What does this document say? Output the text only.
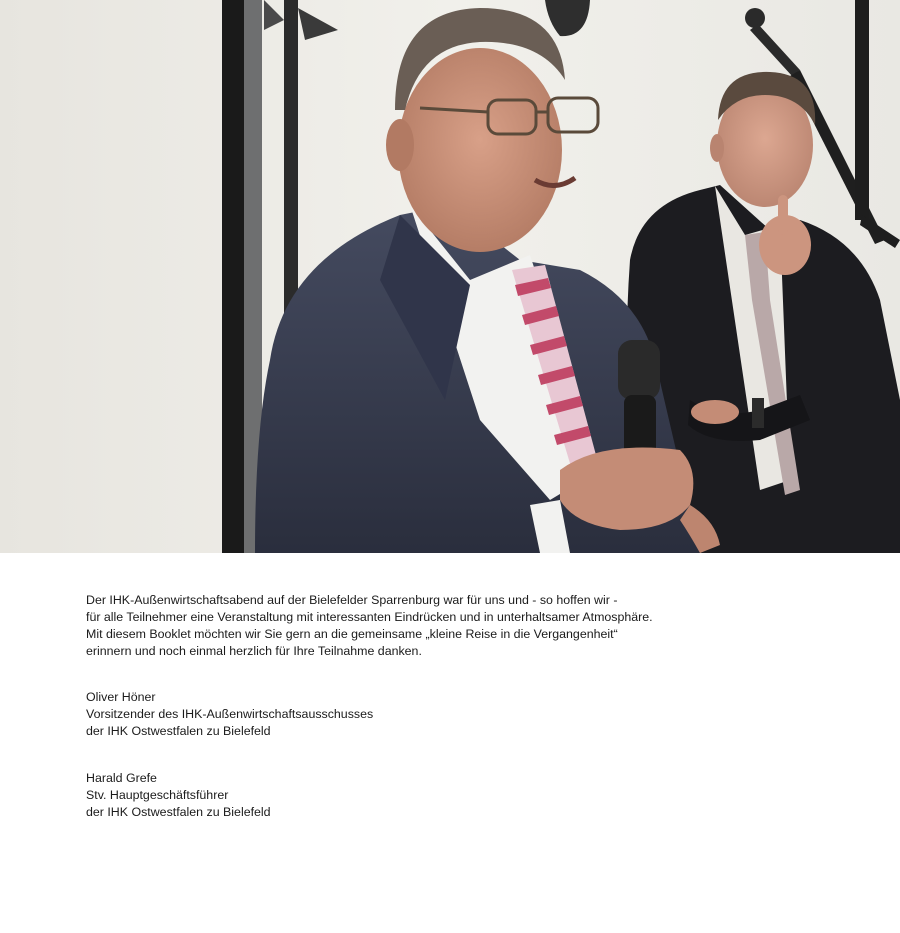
Der IHK-Außenwirtschaftsabend auf der Bielefelder Sparrenburg war für uns und - so hoffen wir -

für alle Teilnehmer eine Veranstaltung mit interessanten Eindrücken und in unterhaltsamer Atmosphäre.

Mit diesem Booklet möchten wir Sie gern an die gemeinsame „kleine Reise in die Vergangenheit“

erinnern und noch einmal herzlich für Ihre Teilnahme danken.

Oliver Höner

Vorsitzender des IHK-Außenwirtschaftsausschusses

der IHK Ostwestfalen zu Bielefeld

Harald Grefe

Stv. Hauptgeschäftsführer

der IHK Ostwestfalen zu Bielefeld
